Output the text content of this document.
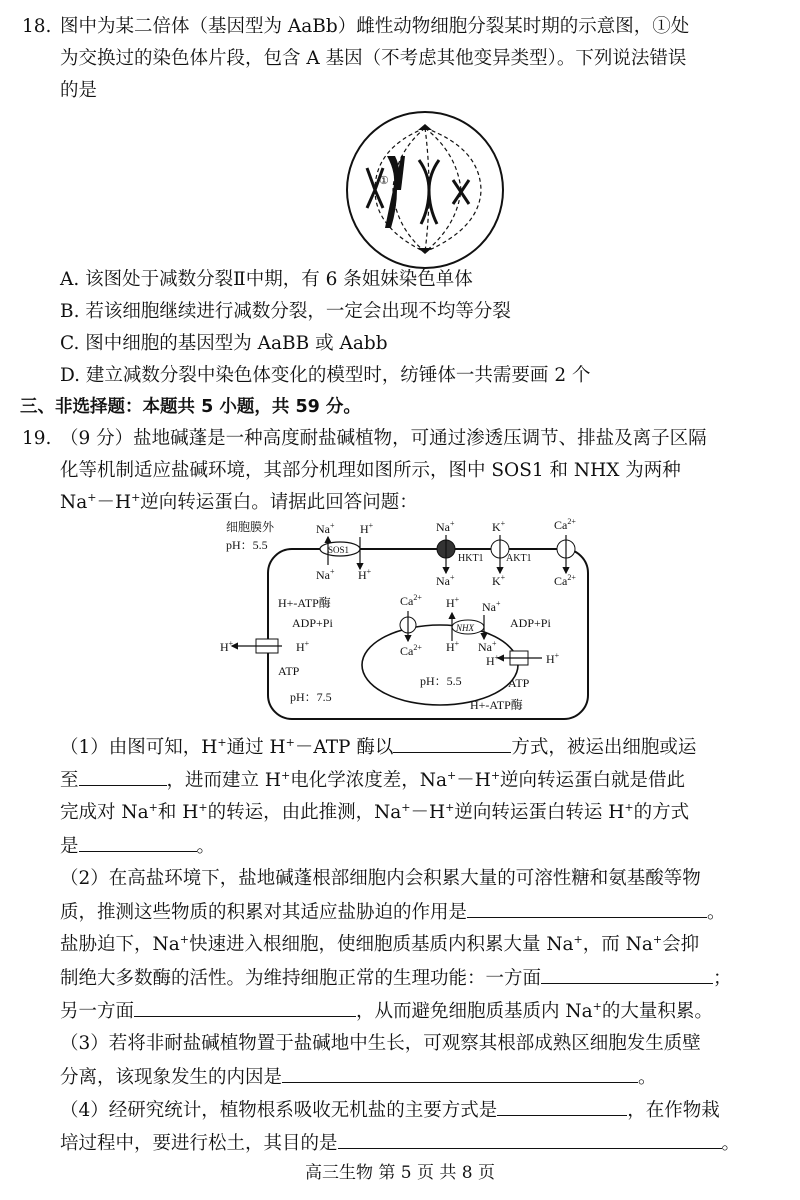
18. 图中为某二倍体（基因型为 AaBb）雌性动物细胞分裂某时期的示意图，①处
为交换过的染色体片段，包含 A 基因（不考虑其他变异类型）。下列说法错误
的是
①
A. 该图处于减数分裂Ⅱ中期，有 6 条姐妹染色单体
B. 若该细胞继续进行减数分裂，一定会出现不均等分裂
C. 图中细胞的基因型为 AaBB 或 Aabb
D. 建立减数分裂中染色体变化的模型时，纺锤体一共需要画 2 个
三、非选择题：本题共 5 小题，共 59 分。
19. （9 分）盐地碱蓬是一种高度耐盐碱植物，可通过渗透压调节、排盐及离子区隔
化等机制适应盐碱环境，其部分机理如图所示，图中 SOS1 和 NHX 为两种
Na+－H+逆向转运蛋白。请据此回答问题：
细胞膜外
pH：5.5	SOS1
Na+ H+
Na+ H+
Na+
HKT1
Na+
K+
AKT1
K+
$Ca^{2+}$
$Ca^{2+}$
H+-ATP酶
H+
ADP+Pi
H+
ATP
pH：7.5
$Ca^{2+}$
$Ca^{2+}$
NHX
H+
Na+
H+ Na+
ADP+Pi
H+	H+
pH：5.5	ATP
H+-ATP酶
（1）由图可知，H+通过 H+－ATP 酶以	方式，被运出细胞或运
至	，进而建立 H+电化学浓度差，Na+－H+逆向转运蛋白就是借此
完成对 Na+和 H+的转运，由此推测，Na+－H+逆向转运蛋白转运 H+的方式
是	。
（2）在高盐环境下，盐地碱蓬根部细胞内会积累大量的可溶性糖和氨基酸等物
质，推测这些物质的积累对其适应盐胁迫的作用是	。
盐胁迫下，Na+快速进入根细胞，使细胞质基质内积累大量 Na+，而 Na+会抑
制绝大多数酶的活性。为维持细胞正常的生理功能：一方面	；
另一方面	，从而避免细胞质基质内 Na+的大量积累。
（3）若将非耐盐碱植物置于盐碱地中生长，可观察其根部成熟区细胞发生质壁
分离，该现象发生的内因是	。
（4）经研究统计，植物根系吸收无机盐的主要方式是	，在作物栽
培过程中，要进行松土，其目的是	。
高三生物 第 5 页 共 8 页
